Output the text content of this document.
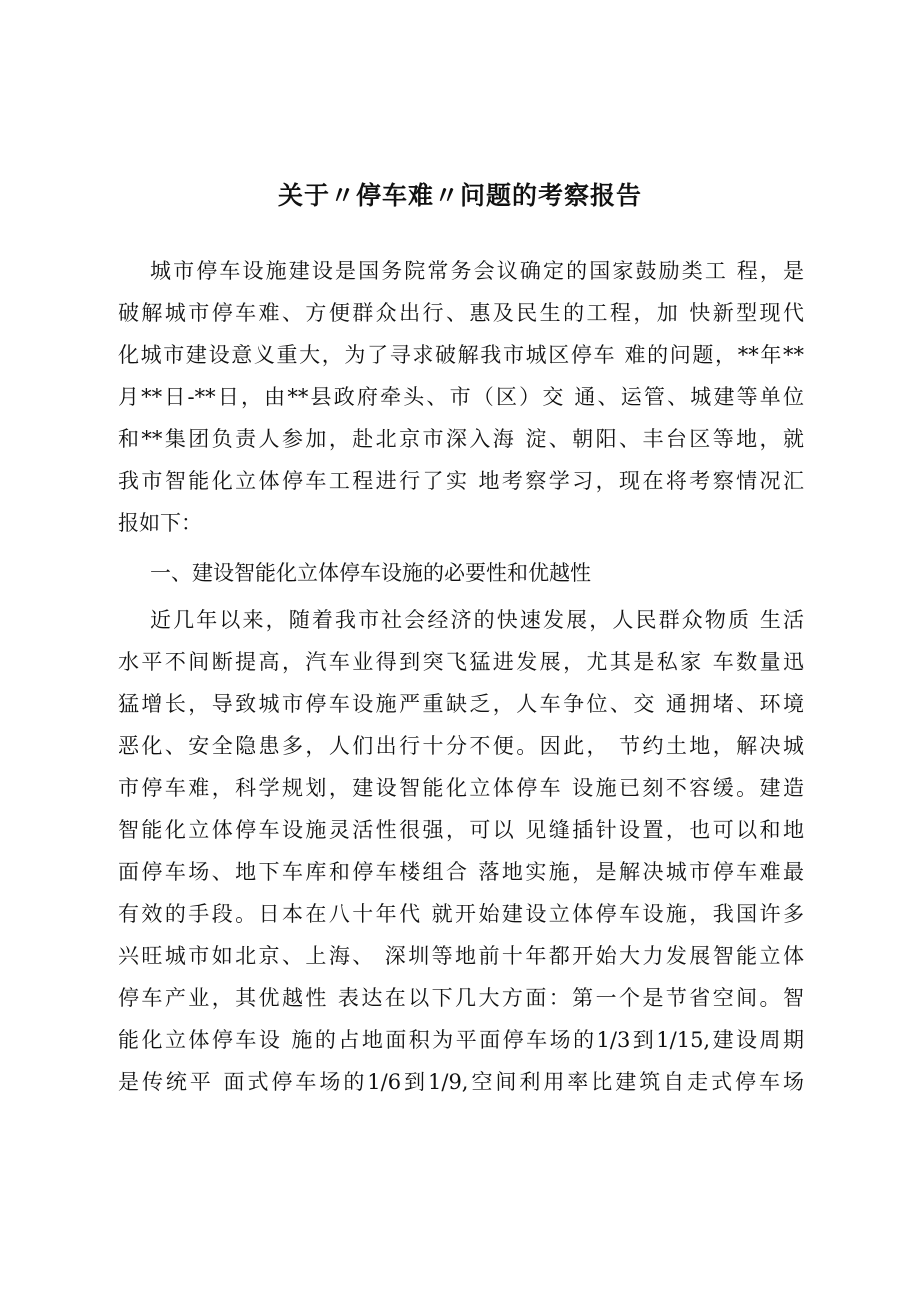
关于〃停车难〃问题的考察报告
城市停车设施建设是国务院常务会议确定的国家鼓励类工 程，是
破解城市停车难、方便群众出行、惠及民生的工程，加 快新型现代
化城市建设意义重大，为了寻求破解我市城区停车 难的问题，**年**
月**日-**日，由**县政府牵头、市（区）交 通、运管、城建等单位
和**集团负责人参加，赴北京市深入海 淀、朝阳、丰台区等地，就
我市智能化立体停车工程进行了实 地考察学习，现在将考察情况汇
报如下：
一、建设智能化立体停车设施的必要性和优越性
近几年以来，随着我市社会经济的快速发展，人民群众物质 生活
水平不间断提高，汽车业得到突飞猛进发展，尤其是私家 车数量迅
猛增长，导致城市停车设施严重缺乏，人车争位、交 通拥堵、环境
恶化、安全隐患多，人们出行十分不便。因此， 节约土地，解决城
市停车难，科学规划，建设智能化立体停车 设施已刻不容缓。建造
智能化立体停车设施灵活性很强，可以 见缝插针设置，也可以和地
面停车场、地下车库和停车楼组合 落地实施，是解决城市停车难最
有效的手段。日本在八十年代 就开始建设立体停车设施，我国许多
兴旺城市如北京、上海、 深圳等地前十年都开始大力发展智能立体
停车产业，其优越性 表达在以下几大方面：第一个是节省空间。智
能化立体停车设 施的占地面积为平面停车场的1/3到1/15,建设周期
是传统平 面式停车场的1/6到1/9,空间利用率比建筑自走式停车场
